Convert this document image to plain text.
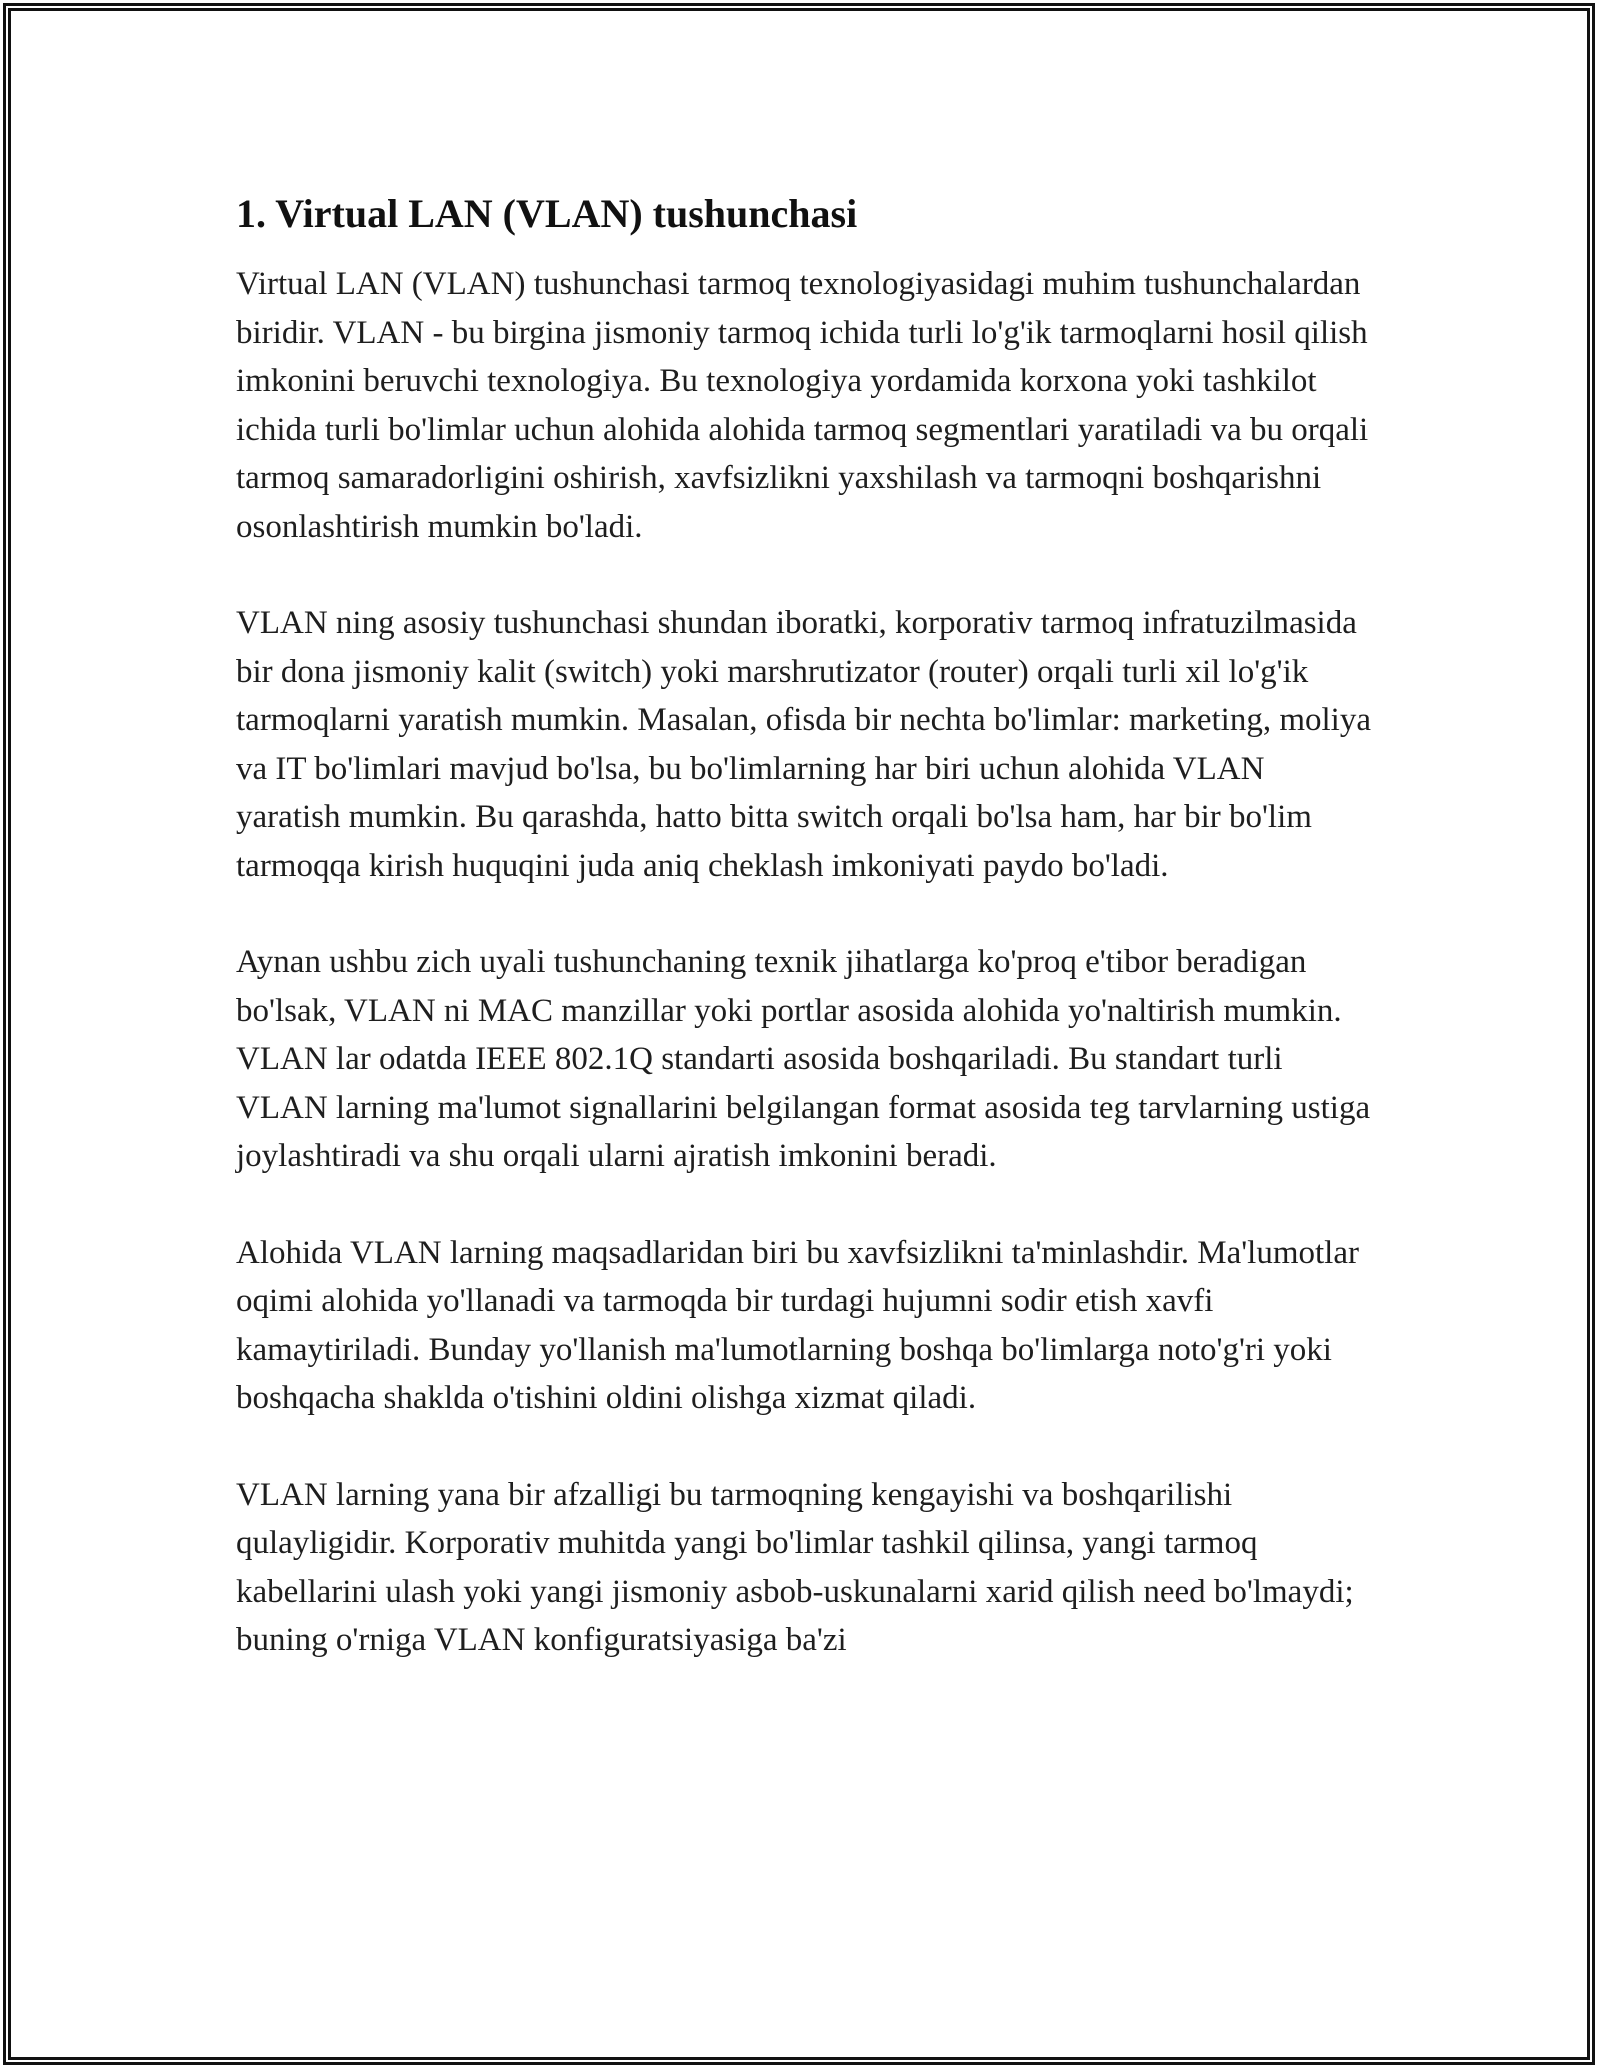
1. Virtual LAN (VLAN) tushunchasi

Virtual LAN (VLAN) tushunchasi tarmoq texnologiyasidagi muhim tushunchalardan biridir. VLAN - bu birgina jismoniy tarmoq ichida turli lo'g'ik tarmoqlarni hosil qilish imkonini beruvchi texnologiya. Bu texnologiya yordamida korxona yoki tashkilot ichida turli bo'limlar uchun alohida alohida tarmoq segmentlari yaratiladi va bu orqali tarmoq samaradorligini oshirish, xavfsizlikni yaxshilash va tarmoqni boshqarishni osonlashtirish mumkin bo'ladi.

VLAN ning asosiy tushunchasi shundan iboratki, korporativ tarmoq infratuzilmasida bir dona jismoniy kalit (switch) yoki marshrutizator (router) orqali turli xil lo'g'ik tarmoqlarni yaratish mumkin. Masalan, ofisda bir nechta bo'limlar: marketing, moliya va IT bo'limlari mavjud bo'lsa, bu bo'limlarning har biri uchun alohida VLAN yaratish mumkin. Bu qarashda, hatto bitta switch orqali bo'lsa ham, har bir bo'lim tarmoqqa kirish huquqini juda aniq cheklash imkoniyati paydo bo'ladi.

Aynan ushbu zich uyali tushunchaning texnik jihatlarga ko'proq e'tibor beradigan bo'lsak, VLAN ni MAC manzillar yoki portlar asosida alohida yo'naltirish mumkin. VLAN lar odatda IEEE 802.1Q standarti asosida boshqariladi. Bu standart turli VLAN larning ma'lumot signallarini belgilangan format asosida teg tarvlarning ustiga joylashtiradi va shu orqali ularni ajratish imkonini beradi.

Alohida VLAN larning maqsadlaridan biri bu xavfsizlikni ta'minlashdir. Ma'lumotlar oqimi alohida yo'llanadi va tarmoqda bir turdagi hujumni sodir etish xavfi kamaytiriladi. Bunday yo'llanish ma'lumotlarning boshqa bo'limlarga noto'g'ri yoki boshqacha shaklda o'tishini oldini olishga xizmat qiladi.

VLAN larning yana bir afzalligi bu tarmoqning kengayishi va boshqarilishi qulayligidir. Korporativ muhitda yangi bo'limlar tashkil qilinsa, yangi tarmoq kabellarini ulash yoki yangi jismoniy asbob-uskunalarni xarid qilish need bo'lmaydi; buning o'rniga VLAN konfiguratsiyasiga ba'zi
